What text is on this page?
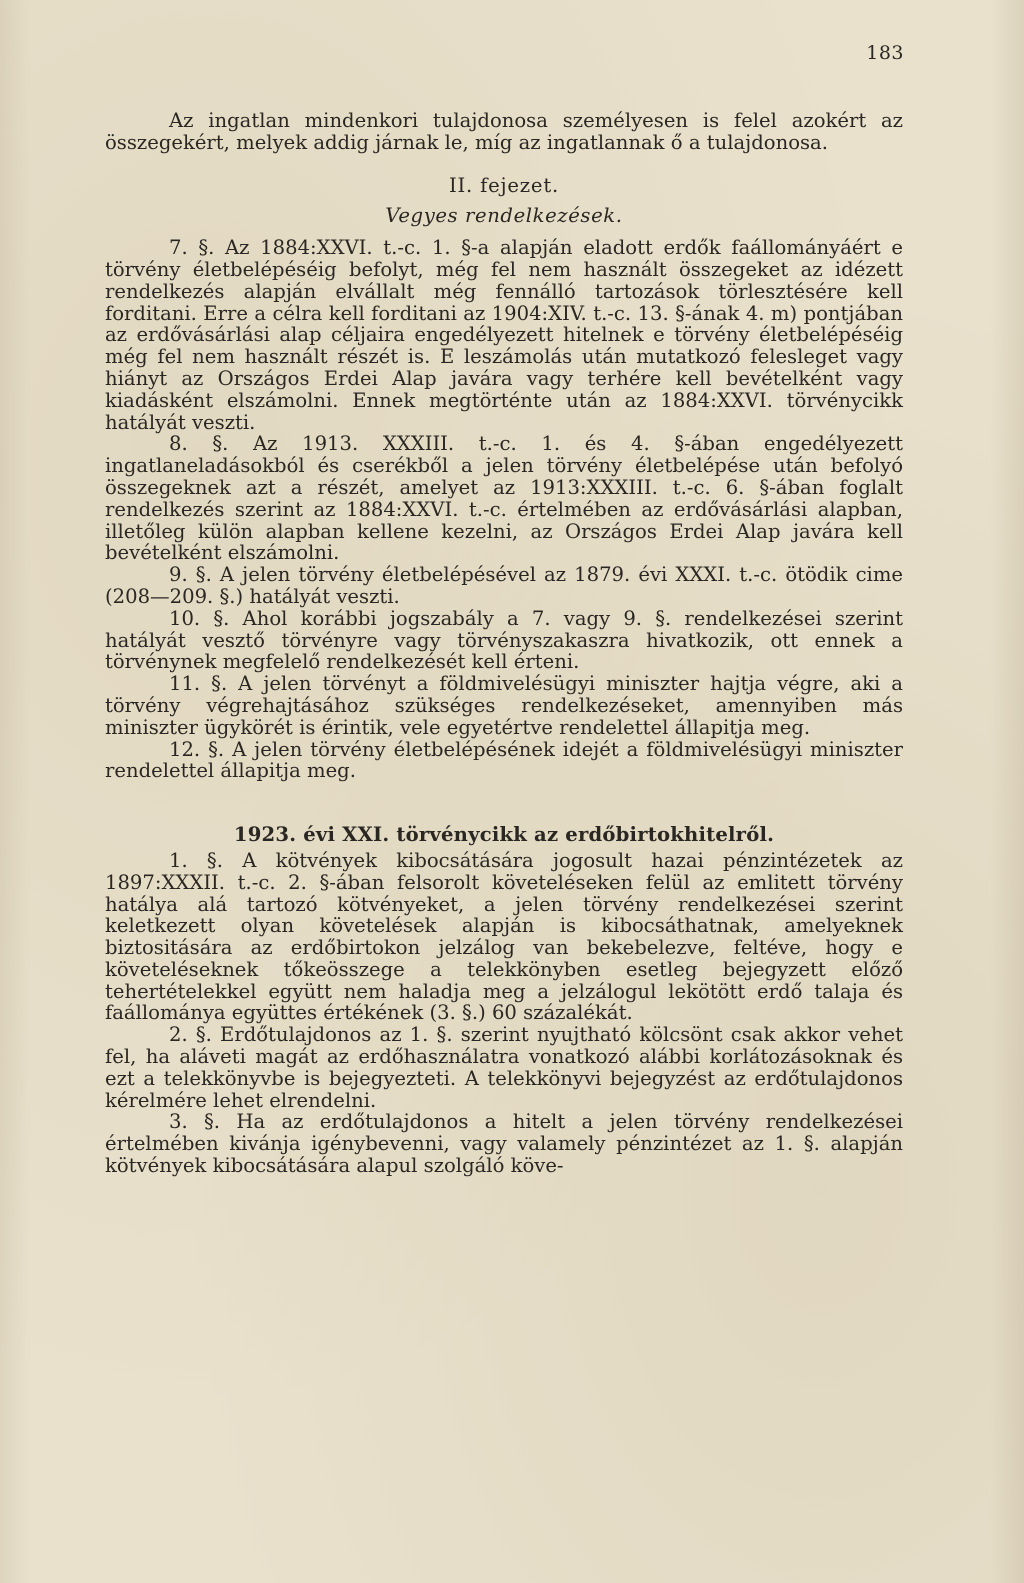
183

Az ingatlan mindenkori tulajdonosa személyesen is felel azokért az összegekért, melyek addig járnak le, míg az ingatlannak ő a tulajdonosa.

II. fejezet.
Vegyes rendelkezések.

7. §. Az 1884:XXVI. t.-c. 1. §-a alapján eladott erdők faállományáért e törvény életbelépéséig befolyt, még fel nem használt összegeket az idézett rendelkezés alapján elvállalt még fennálló tartozások törlesztésére kell forditani. Erre a célra kell forditani az 1904:XIV. t.-c. 13. §-ának 4. m) pontjában az erdővásárlási alap céljaira engedélyezett hitelnek e törvény életbelépéséig még fel nem használt részét is. E leszámolás után mutatkozó felesleget vagy hiányt az Országos Erdei Alap javára vagy terhére kell bevételként vagy kiadásként elszámolni. Ennek megtörténte után az 1884:XXVI. törvénycikk hatályát veszti.

8. §. Az 1913. XXXIII. t.-c. 1. és 4. §-ában engedélyezett ingatlaneladásokból és cserékből a jelen törvény életbelépése után befolyó összegeknek azt a részét, amelyet az 1913:XXXIII. t.-c. 6. §-ában foglalt rendelkezés szerint az 1884:XXVI. t.-c. értelmében az erdővásárlási alapban, illetőleg külön alapban kellene kezelni, az Országos Erdei Alap javára kell bevételként elszámolni.

9. §. A jelen törvény életbelépésével az 1879. évi XXXI. t.-c. ötödik cime (208—209. §.) hatályát veszti.

10. §. Ahol korábbi jogszabály a 7. vagy 9. §. rendelkezései szerint hatályát vesztő törvényre vagy törvényszakaszra hivatkozik, ott ennek a törvénynek megfelelő rendelkezését kell érteni.

11. §. A jelen törvényt a földmivelésügyi miniszter hajtja végre, aki a törvény végrehajtásához szükséges rendelkezéseket, amennyiben más miniszter ügykörét is érintik, vele egyetértve rendelettel állapitja meg.

12. §. A jelen törvény életbelépésének idejét a földmivelésügyi miniszter rendelettel állapitja meg.

1923. évi XXI. törvénycikk az erdőbirtokhitelről.

1. §. A kötvények kibocsátására jogosult hazai pénzintézetek az 1897:XXXII. t.-c. 2. §-ában felsorolt követeléseken felül az emlitett törvény hatálya alá tartozó kötvényeket, a jelen törvény rendelkezései szerint keletkezett olyan követelések alapján is kibocsáthatnak, amelyeknek biztositására az erdőbirtokon jelzálog van bekebelezve, feltéve, hogy e követeléseknek tőkeösszege a telekkönyben esetleg bejegyzett előző tehertételekkel együtt nem haladja meg a jelzálogul lekötött erdő talaja és faállománya együttes értékének (3. §.) 60 százalékát.

2. §. Erdőtulajdonos az 1. §. szerint nyujtható kölcsönt csak akkor vehet fel, ha aláveti magát az erdőhasználatra vonatkozó alábbi korlátozásoknak és ezt a telekkönyvbe is bejegyezteti. A telekkönyvi bejegyzést az erdőtulajdonos kérelmére lehet elrendelni.

3. §. Ha az erdőtulajdonos a hitelt a jelen törvény rendelkezései értelmében kivánja igénybevenni, vagy valamely pénzintézet az 1. §. alapján kötvények kibocsátására alapul szolgáló köve-
